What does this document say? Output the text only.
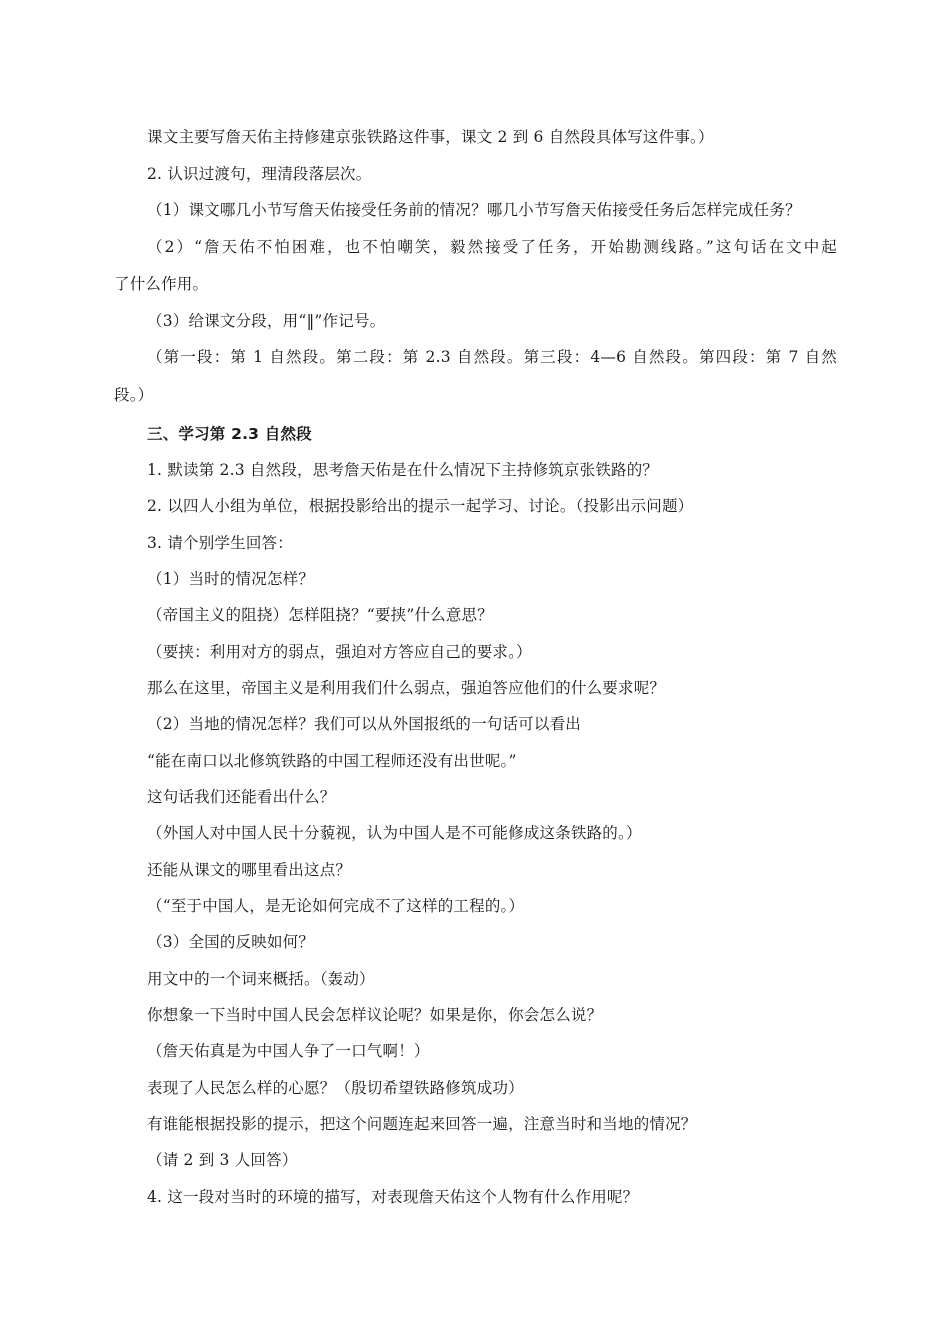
课文主要写詹天佑主持修建京张铁路这件事，课文 2 到 6 自然段具体写这件事。）
2. 认识过渡句，理清段落层次。
（1）课文哪几小节写詹天佑接受任务前的情况？哪几小节写詹天佑接受任务后怎样完成任务？
（2）“詹天佑不怕困难，也不怕嘲笑，毅然接受了任务，开始勘测线路。”这句话在文中起
了什么作用。
（3）给课文分段，用“‖”作记号。
（第一段：第 1 自然段。第二段：第 2.3 自然段。第三段：4—6 自然段。第四段：第 7 自然
段。）
三、学习第 2.3 自然段
1. 默读第 2.3 自然段，思考詹天佑是在什么情况下主持修筑京张铁路的？
2. 以四人小组为单位，根据投影给出的提示一起学习、讨论。（投影出示问题）
3. 请个别学生回答：
（1）当时的情况怎样？
（帝国主义的阻挠）怎样阻挠？“要挟”什么意思？
（要挟：利用对方的弱点，强迫对方答应自己的要求。）
那么在这里，帝国主义是利用我们什么弱点，强迫答应他们的什么要求呢？
（2）当地的情况怎样？我们可以从外国报纸的一句话可以看出
“能在南口以北修筑铁路的中国工程师还没有出世呢。”
这句话我们还能看出什么？
（外国人对中国人民十分藐视，认为中国人是不可能修成这条铁路的。）
还能从课文的哪里看出这点？
（“至于中国人，是无论如何完成不了这样的工程的。）
（3）全国的反映如何？
用文中的一个词来概括。（轰动）
你想象一下当时中国人民会怎样议论呢？如果是你，你会怎么说？
（詹天佑真是为中国人争了一口气啊！）
表现了人民怎么样的心愿？（殷切希望铁路修筑成功）
有谁能根据投影的提示，把这个问题连起来回答一遍，注意当时和当地的情况？
（请 2 到 3 人回答）
4. 这一段对当时的环境的描写，对表现詹天佑这个人物有什么作用呢？
